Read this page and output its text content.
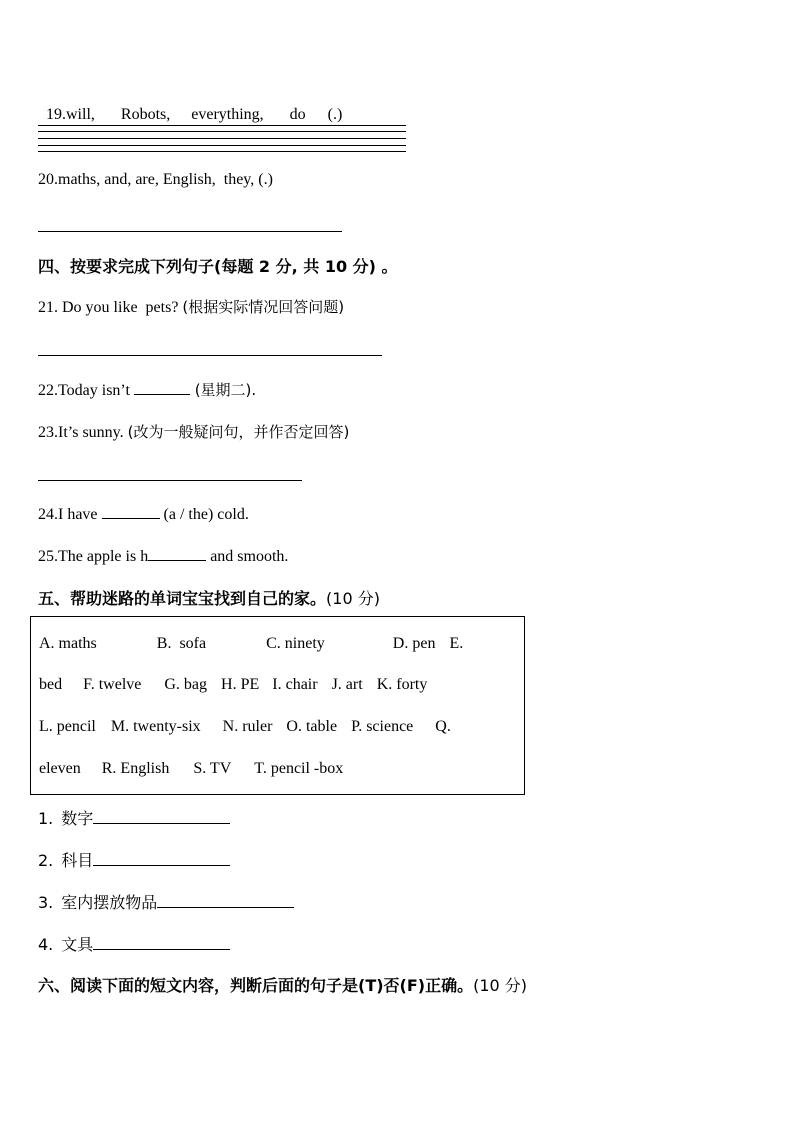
19.will, Robots, everything, do (.)

20.maths, and, are, English,  they, (.)
四、按要求完成下列句子(每题 2 分, 共 10 分) 。
21. Do you like  pets? (根据实际情况回答问题)
22.Today isn’t	(星期二).
23.It’s sunny. (改为一般疑问句，并作否定回答)
24.I have	(a / the) cold.
25.The apple is h	and smooth.
五、帮助迷路的单词宝宝找到自己的家。(10 分)
A. maths	B.  sofa	C. ninety	D. pen E.
bed F. twelve G. bag H. PE I. chair J. art K. forty
L. pencil M. twenty-six N. ruler O. table P. science Q.
eleven R. English S. TV T. pencil -box
1. 数字
2. 科目
3. 室内摆放物品
4. 文具
六、阅读下面的短文内容，判断后面的句子是(T)否(F)正确。(10 分)
